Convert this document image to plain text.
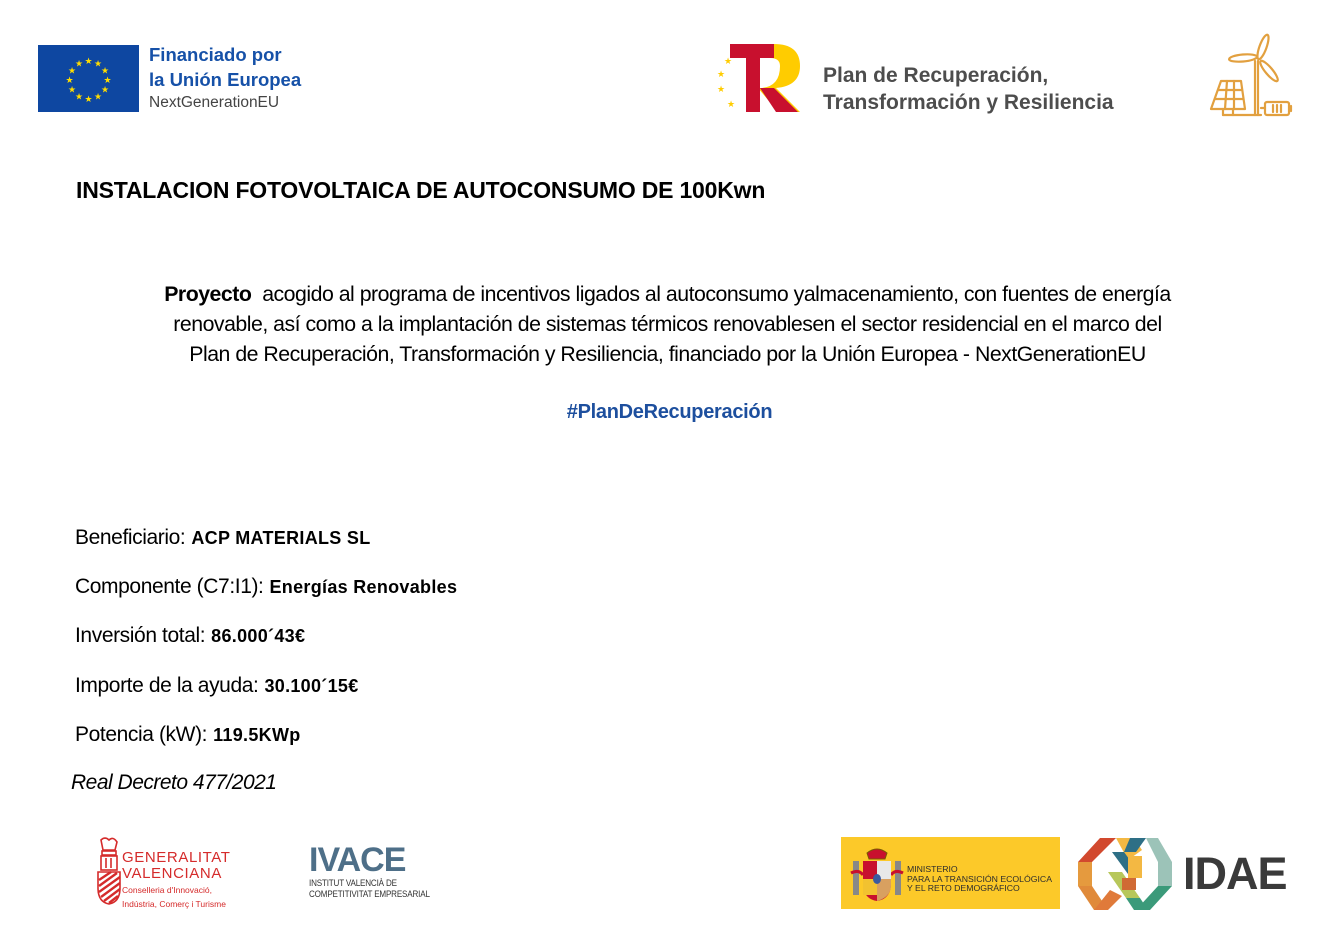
★ ★
★
★
★
★
★
★
★
★
★
★	Financiado por
la Unión Europea
NextGenerationEU
★
★
★
★
Plan de Recuperación,
Transformación y Resiliencia
INSTALACION FOTOVOLTAICA DE AUTOCONSUMO DE 100Kwn
Proyecto acogido al programa de incentivos ligados al autoconsumo yalmacenamiento, con fuentes de energía
renovable, así como a la implantación de sistemas térmicos renovablesen el sector residencial en el marco del
Plan de Recuperación, Transformación y Resiliencia, financiado por la Unión Europea - NextGenerationEU
#PlanDeRecuperación
Beneficiario: ACP MATERIALS SL
Componente (C7:I1): Energías Renovables
Inversión total: 86.000´43€
Importe de la ayuda: 30.100´15€
Potencia (kW): 119.5KWp
Real Decreto 477/2021
GENERALITAT
VALENCIANA
Conselleria d'Innovació,
Indústria, Comerç i Turisme
IVACE
INSTITUT VALENCIÀ DE
COMPETITIVITAT EMPRESARIAL
MINISTERIO
PARA LA TRANSICIÓN ECOLÓGICA
Y EL RETO DEMOGRÁFICO	IDAE
